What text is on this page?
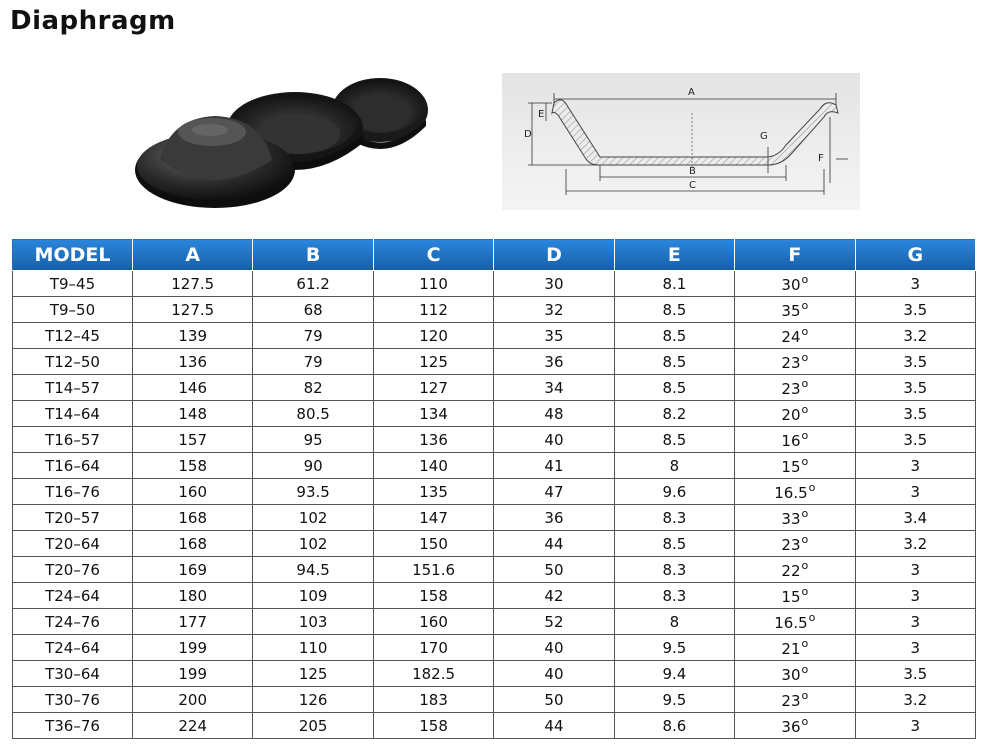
Diaphragm
A
B
C
D
E
F
G
MODEL	A	B	C	D	E	F	G
T9–45	127.5	61.2	110	30	8.1	30$^o$	3
T9–50	127.5	68	112	32	8.5	35$^o$	3.5
T12–45	139	79	120	35	8.5	24$^o$	3.2
T12–50	136	79	125	36	8.5	23$^o$	3.5
T14–57	146	82	127	34	8.5	23$^o$	3.5
T14–64	148	80.5	134	48	8.2	20$^o$	3.5
T16–57	157	95	136	40	8.5	16$^o$	3.5
T16–64	158	90	140	41	8	15$^o$	3
T16–76	160	93.5	135	47	9.6	16.5$^o$	3
T20–57	168	102	147	36	8.3	33$^o$	3.4
T20–64	168	102	150	44	8.5	23$^o$	3.2
T20–76	169	94.5	151.6	50	8.3	22$^o$	3
T24–64	180	109	158	42	8.3	15$^o$	3
T24–76	177	103	160	52	8	16.5$^o$	3
T24–64	199	110	170	40	9.5	21$^o$	3
T30–64	199	125	182.5	40	9.4	30$^o$	3.5
T30–76	200	126	183	50	9.5	23$^o$	3.2
T36–76	224	205	158	44	8.6	36$^o$	3
